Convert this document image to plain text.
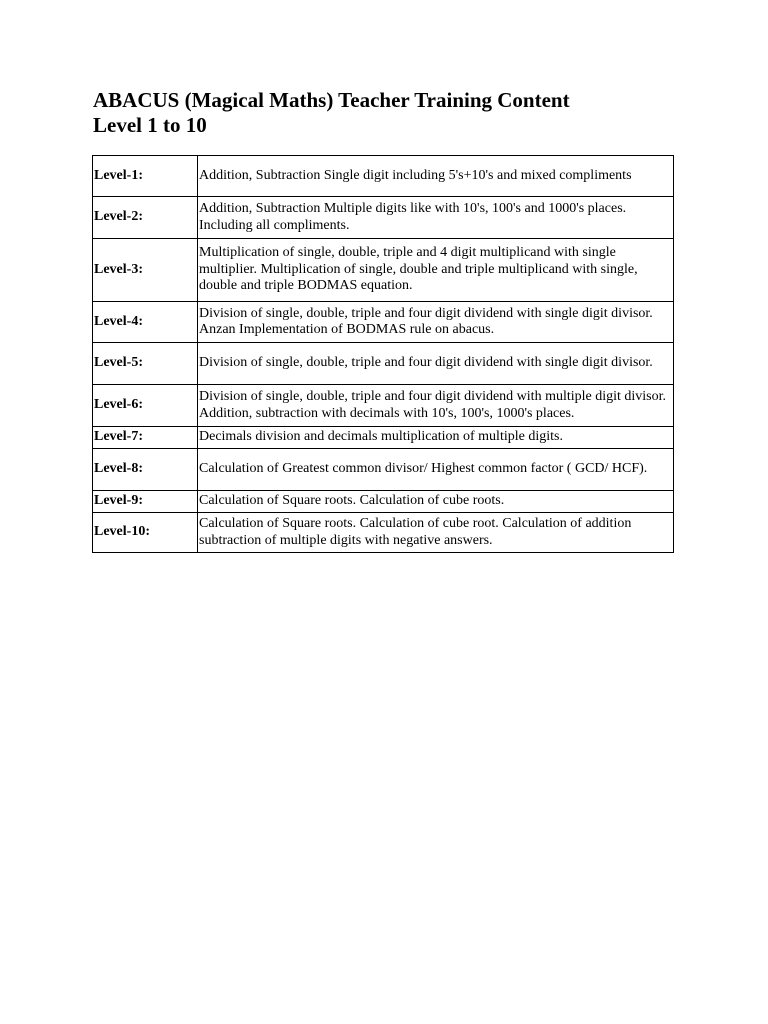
ABACUS (Magical Maths) Teacher Training Content
Level 1 to 10
Level-1:	Addition, Subtraction Single digit including 5's+10's and mixed compliments
Level-2:	Addition, Subtraction Multiple digits like with 10's, 100's and 1000's places. Including all compliments.
Level-3:	Multiplication of single, double, triple and 4 digit multiplicand with single multiplier. Multiplication of single, double and triple multiplicand with single, double and triple BODMAS equation.
Level-4:	Division of single, double, triple and four digit dividend with single digit divisor. Anzan Implementation of BODMAS rule on abacus.
Level-5:	Division of single, double, triple and four digit dividend with single digit divisor.
Level-6:	Division of single, double, triple and four digit dividend with multiple digit divisor. Addition, subtraction with decimals with 10's, 100's, 1000's places.
Level-7:	Decimals division and decimals multiplication of multiple digits.
Level-8:	Calculation of Greatest common divisor/ Highest common factor ( GCD/ HCF).
Level-9:	Calculation of Square roots. Calculation of cube roots.
Level-10:	Calculation of Square roots. Calculation of cube root. Calculation of addition subtraction of multiple digits with negative answers.
